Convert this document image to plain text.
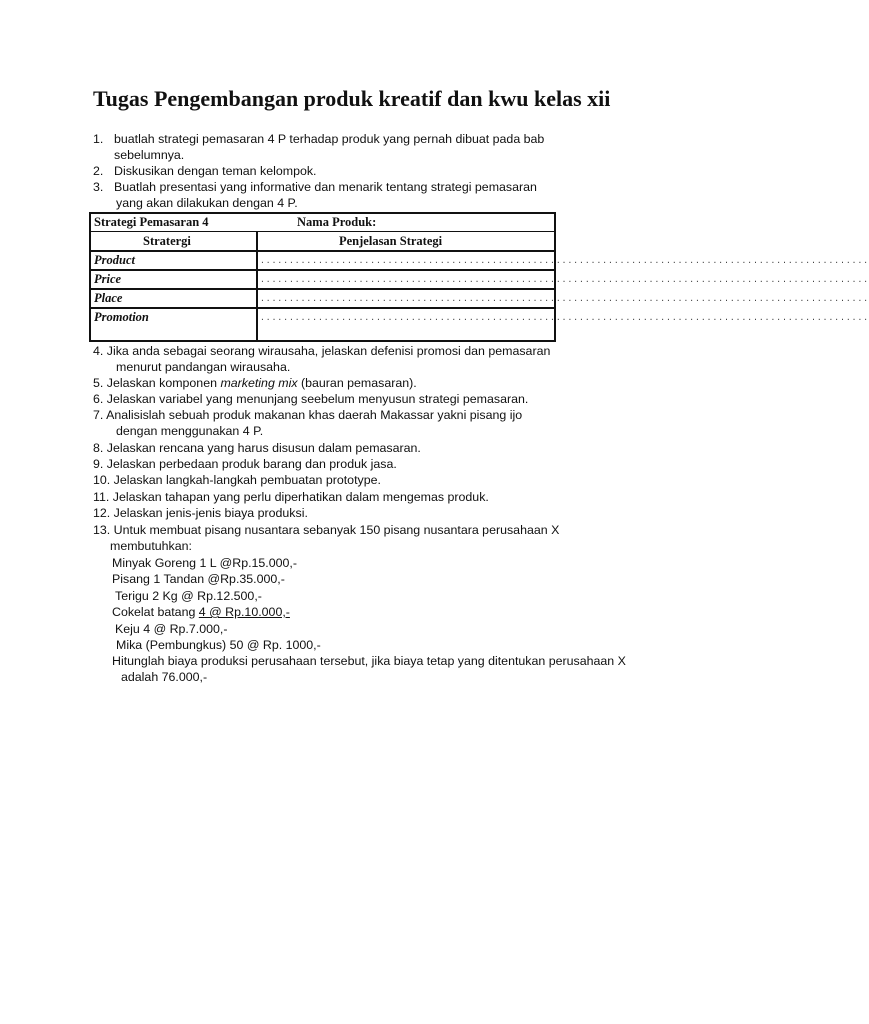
Tugas Pengembangan produk kreatif dan kwu kelas xii
1. buatlah strategi pemasaran 4 P terhadap produk yang pernah dibuat pada bab
sebelumnya.
2. Diskusikan dengan teman kelompok.
3. Buatlah presentasi yang informative dan menarik tentang strategi pemasaran
yang akan dilakukan dengan 4 P.
Strategi Pemasaran 4	Nama Produk:
Stratergi	Penjelasan Strategi
Product	.........................................................................................................
Price	.........................................................................................................
Place	.........................................................................................................
Promotion	.........................................................................................................
4. Jika anda sebagai seorang wirausaha, jelaskan defenisi promosi dan pemasaran
menurut pandangan wirausaha.
5. Jelaskan komponen marketing mix (bauran pemasaran).
6. Jelaskan variabel yang menunjang seebelum menyusun strategi pemasaran.
7. Analisislah sebuah produk makanan khas daerah Makassar yakni pisang ijo
dengan menggunakan 4 P.
8. Jelaskan rencana yang harus disusun dalam pemasaran.
9. Jelaskan perbedaan produk barang dan produk jasa.
10. Jelaskan langkah-langkah pembuatan prototype.
11. Jelaskan tahapan yang perlu diperhatikan dalam mengemas produk.
12. Jelaskan jenis-jenis biaya produksi.
13. Untuk membuat pisang nusantara sebanyak 150 pisang nusantara perusahaan X
membutuhkan:
Minyak Goreng 1 L @Rp.15.000,-
Pisang 1 Tandan @Rp.35.000,-
Terigu 2 Kg @ Rp.12.500,-
Cokelat batang 4 @ Rp.10.000,-
Keju 4 @ Rp.7.000,-
Mika (Pembungkus) 50 @ Rp. 1000,-
Hitunglah biaya produksi perusahaan tersebut, jika biaya tetap yang ditentukan perusahaan X
adalah 76.000,-
